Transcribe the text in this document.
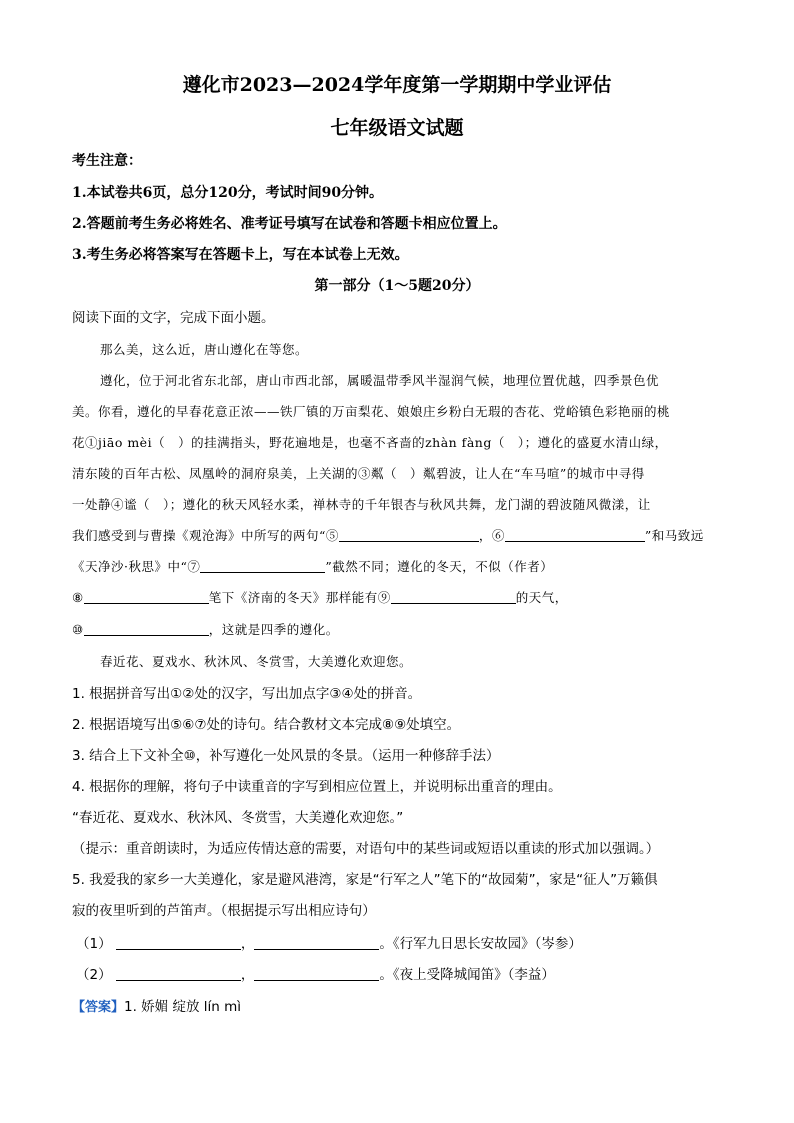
遵化市2023—2024学年度第一学期期中学业评估
七年级语文试题
考生注意：
1.本试卷共6页，总分120分，考试时间90分钟。
2.答题前考生务必将姓名、准考证号填写在试卷和答题卡相应位置上。
3.考生务必将答案写在答题卡上，写在本试卷上无效。
第一部分（1～5题20分）
阅读下面的文字，完成下面小题。
那么美，这么近，唐山遵化在等您。
遵化，位于河北省东北部，唐山市西北部，属暖温带季风半湿润气候，地理位置优越，四季景色优
美。你看，遵化的早春花意正浓——铁厂镇的万亩梨花、娘娘庄乡粉白无瑕的杏花、党峪镇色彩艳丽的桃
花①jiāo mèi（　）的挂满指头，野花遍地是，也毫不吝啬的zhàn fàng（　）；遵化的盛夏水清山绿，
清东陵的百年古松、凤凰岭的洞府泉美，上关湖的③粼（　）粼碧波，让人在“车马喧”的城市中寻得
一处静④谧（　）；遵化的秋天风轻水柔，禅林寺的千年银杏与秋风共舞，龙门湖的碧波随风微漾，让
我们感受到与曹操《观沧海》中所写的两句“⑤	，⑥	”和马致远
《天净沙·秋思》中“⑦	”截然不同；遵化的冬天，不似（作者）
⑧	笔下《济南的冬天》那样能有⑨	的天气，
⑩	，这就是四季的遵化。
春近花、夏戏水、秋沐风、冬赏雪，大美遵化欢迎您。
1. 根据拼音写出①②处的汉字，写出加点字③④处的拼音。
2. 根据语境写出⑤⑥⑦处的诗句。结合教材文本完成⑧⑨处填空。
3. 结合上下文补全⑩，补写遵化一处风景的冬景。（运用一种修辞手法）
4. 根据你的理解，将句子中读重音的字写到相应位置上，并说明标出重音的理由。
“春近花、夏戏水、秋沐风、冬赏雪，大美遵化欢迎您。”
（提示：重音朗读时，为适应传情达意的需要，对语句中的某些词或短语以重读的形式加以强调。）
5. 我爱我的家乡一大美遵化，家是避风港湾，家是“行军之人”笔下的“故园菊”，家是“征人”万籁俱
寂的夜里听到的芦笛声。（根据提示写出相应诗句）
（1）	，	。《行军九日思长安故园》（岑参）
（2）	，	。《夜上受降城闻笛》（李益）
【答案】1. 娇媚 绽放 lín mì
